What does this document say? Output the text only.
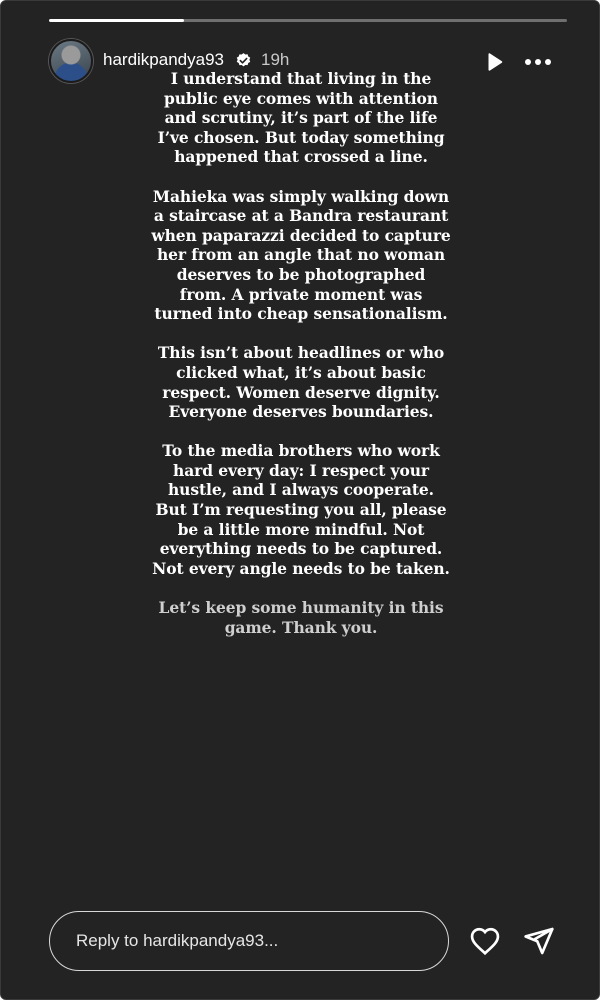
hardikpandya93 19h

I understand that living in the public eye comes with attention and scrutiny, it’s part of the life I’ve chosen. But today something happened that crossed a line.

Mahieka was simply walking down a staircase at a Bandra restaurant when paparazzi decided to capture her from an angle that no woman deserves to be photographed from. A private moment was turned into cheap sensationalism.

This isn’t about headlines or who clicked what, it’s about basic respect. Women deserve dignity. Everyone deserves boundaries.

To the media brothers who work hard every day: I respect your hustle, and I always cooperate. But I’m requesting you all, please be a little more mindful. Not everything needs to be captured. Not every angle needs to be taken.

Let’s keep some humanity in this game. Thank you.

Reply to hardikpandya93...
